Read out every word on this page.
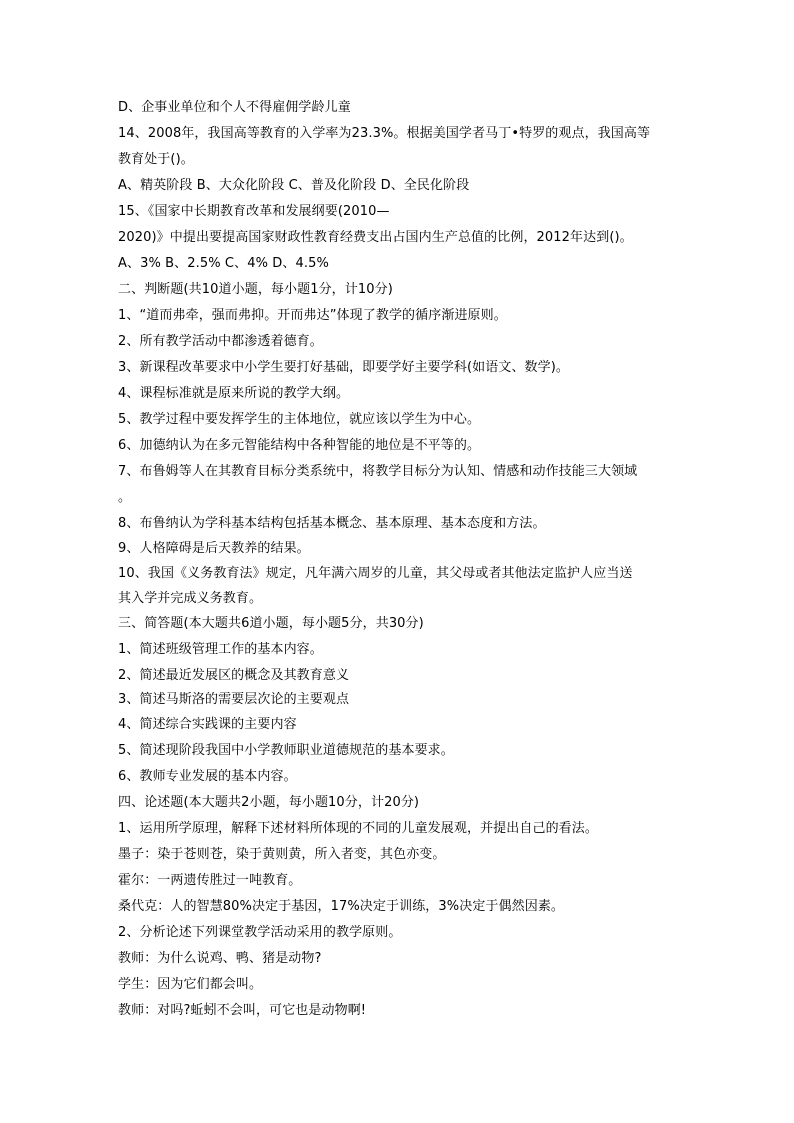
D、企事业单位和个人不得雇佣学龄儿童
14、2008年，我国高等教育的入学率为23.3%。根据美国学者马丁•特罗的观点，我国高等
教育处于()。
A、精英阶段 B、大众化阶段 C、普及化阶段 D、全民化阶段
15、《国家中长期教育改革和发展纲要(2010—
2020)》中提出要提高国家财政性教育经费支出占国内生产总值的比例，2012年达到()。
A、3% B、2.5% C、4% D、4.5%
二、判断题(共10道小题，每小题1分，计10分)
1、“道而弗牵，强而弗抑。开而弗达”体现了教学的循序渐进原则。
2、所有教学活动中都渗透着德育。
3、新课程改革要求中小学生要打好基础，即要学好主要学科(如语文、数学)。
4、课程标准就是原来所说的教学大纲。
5、教学过程中要发挥学生的主体地位，就应该以学生为中心。
6、加德纳认为在多元智能结构中各种智能的地位是不平等的。
7、布鲁姆等人在其教育目标分类系统中，将教学目标分为认知、情感和动作技能三大领域
。
8、布鲁纳认为学科基本结构包括基本概念、基本原理、基本态度和方法。
9、人格障碍是后天教养的结果。
10、我国《义务教育法》规定，凡年满六周岁的儿童，其父母或者其他法定监护人应当送
其入学并完成义务教育。
三、简答题(本大题共6道小题，每小题5分，共30分)
1、简述班级管理工作的基本内容。
2、简述最近发展区的概念及其教育意义
3、简述马斯洛的需要层次论的主要观点
4、简述综合实践课的主要内容
5、简述现阶段我国中小学教师职业道德规范的基本要求。
6、教师专业发展的基本内容。
四、论述题(本大题共2小题，每小题10分，计20分)
1、运用所学原理，解释下述材料所体现的不同的儿童发展观，并提出自己的看法。
墨子：染于苍则苍，染于黄则黄，所入者变，其色亦变。
霍尔：一两遗传胜过一吨教育。
桑代克：人的智慧80%决定于基因，17%决定于训练，3%决定于偶然因素。
2、分析论述下列课堂教学活动采用的教学原则。
教师：为什么说鸡、鸭、猪是动物?
学生：因为它们都会叫。
教师：对吗?蚯蚓不会叫，可它也是动物啊!
